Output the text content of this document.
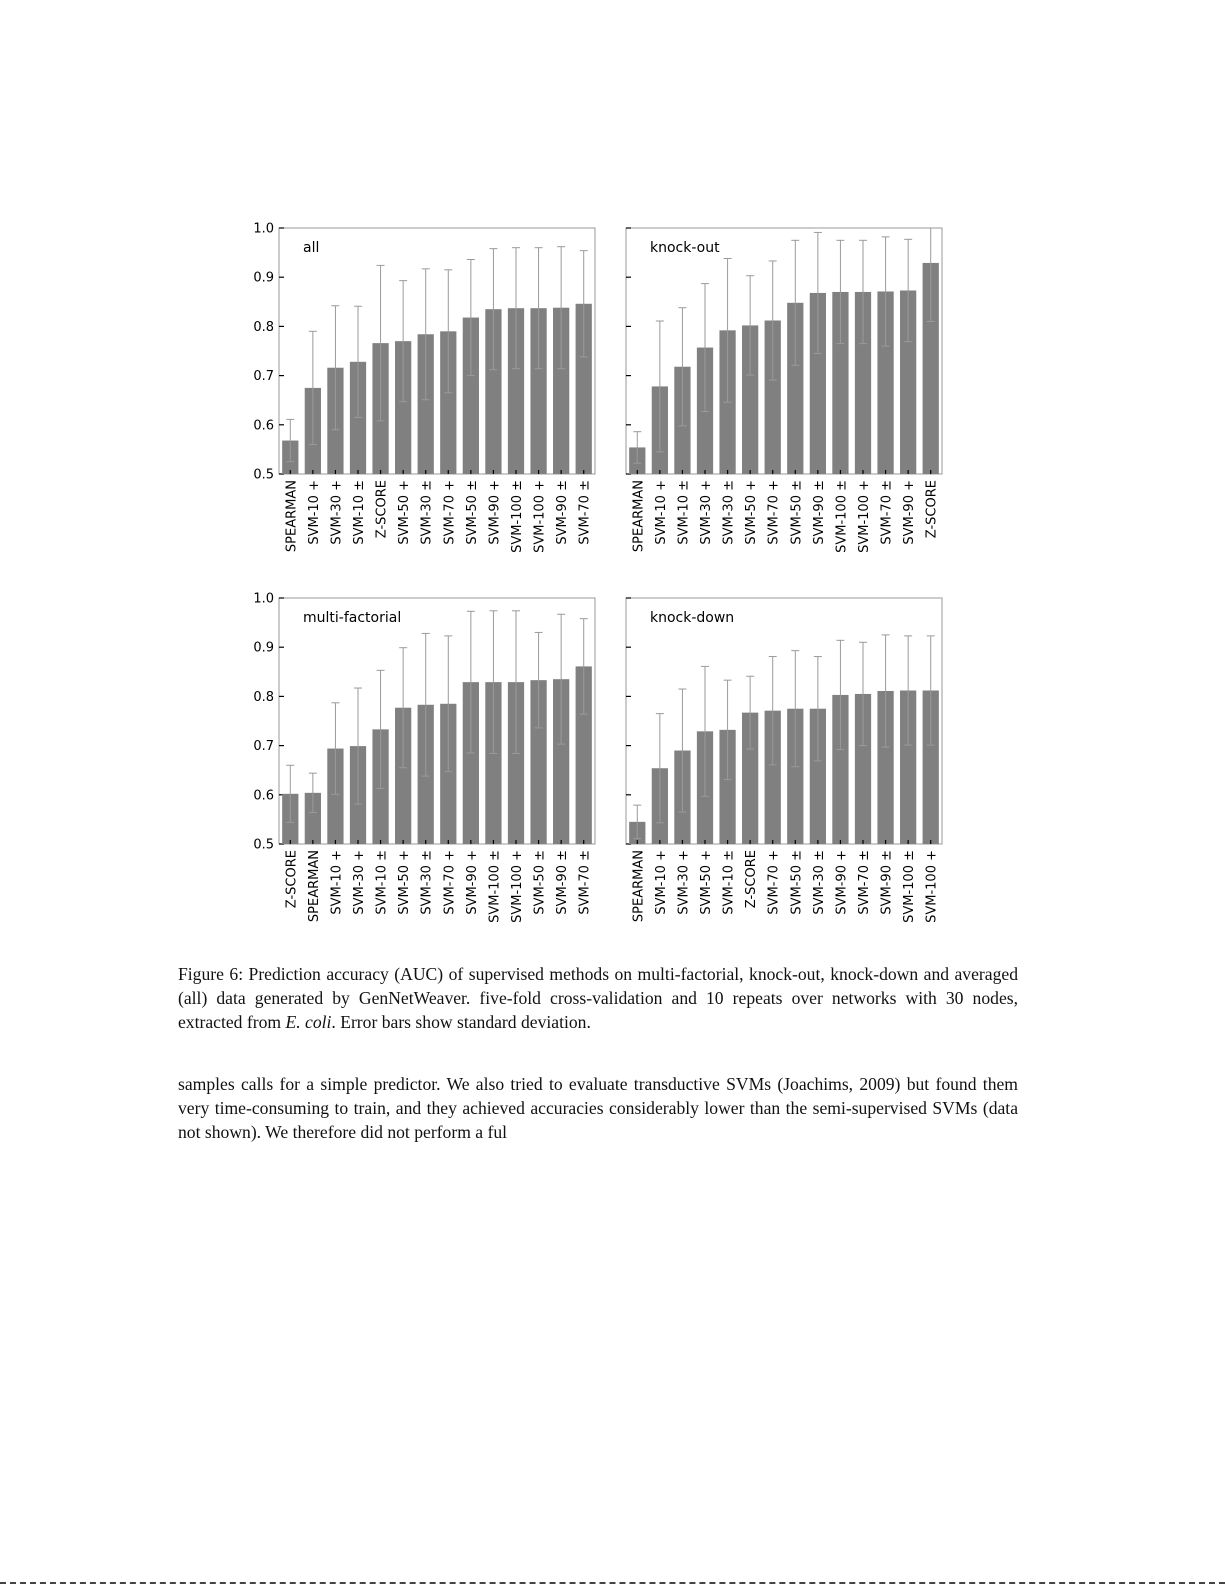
0.5
0.6
0.7
0.8
0.9
1.0
all
SPEARMAN SVM-10 + SVM-30 + SVM-10 ± Z-SCORE SVM-50 + SVM-30 ± SVM-70 + SVM-50 ± SVM-90 + SVM-100 ± SVM-100 + SVM-90 ± SVM-70 ±
knock-out
SPEARMAN SVM-10 + SVM-10 ± SVM-30 + SVM-30 ± SVM-50 + SVM-70 + SVM-50 ± SVM-90 ± SVM-100 ± SVM-100 + SVM-70 ± SVM-90 + Z-SCORE
0.5
0.6
0.7
0.8
0.9
1.0
multi-factorial
Z-SCORE SPEARMAN SVM-10 + SVM-30 + SVM-10 ± SVM-50 + SVM-30 ± SVM-70 + SVM-90 + SVM-100 ± SVM-100 + SVM-50 ± SVM-90 ± SVM-70 ±
knock-down
SPEARMAN SVM-10 + SVM-30 + SVM-50 + SVM-10 ± Z-SCORE SVM-70 + SVM-50 ± SVM-30 ± SVM-90 + SVM-70 ± SVM-90 ± SVM-100 ± SVM-100 +
Figure 6: Prediction accuracy (AUC) of supervised methods on multi-factorial, knock-out, knock-down and averaged (all) data generated by GenNetWeaver. five-fold cross-validation and 10 repeats over networks with 30 nodes, extracted from E. coli. Error bars show standard deviation.
samples calls for a simple predictor. We also tried to evaluate transductive SVMs (Joachims, 2009) but found them very time-consuming to train, and they achieved accuracies considerably lower than the semi-supervised SVMs (data not shown). We therefore did not perform a ful
